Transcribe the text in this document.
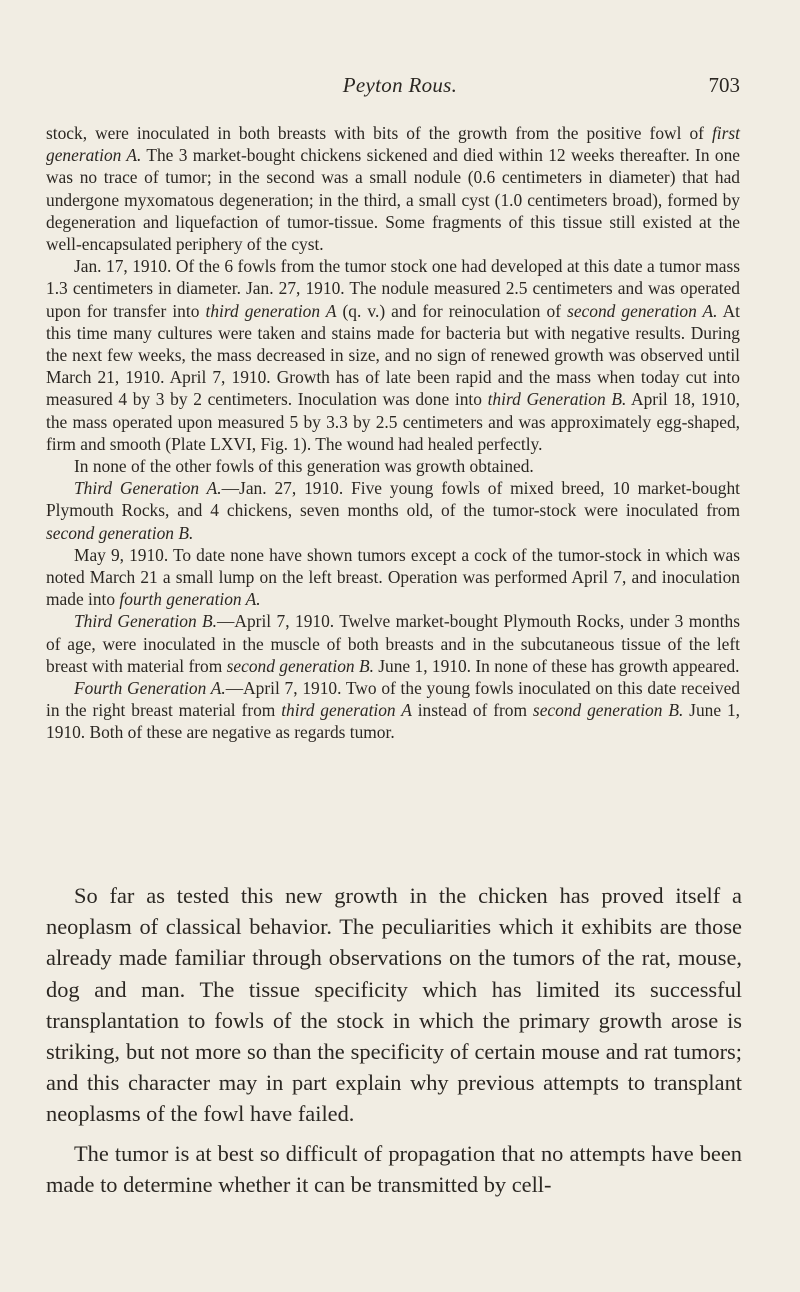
Peyton Rous.	703

stock, were inoculated in both breasts with bits of the growth from the positive fowl of first generation A. The 3 market-bought chickens sickened and died within 12 weeks thereafter. In one was no trace of tumor; in the second was a small nodule (0.6 centimeters in diameter) that had undergone myxomatous degeneration; in the third, a small cyst (1.0 centimeters broad), formed by degeneration and liquefaction of tumor-tissue. Some fragments of this tissue still existed at the well-encapsulated periphery of the cyst.

Jan. 17, 1910. Of the 6 fowls from the tumor stock one had developed at this date a tumor mass 1.3 centimeters in diameter. Jan. 27, 1910. The nodule measured 2.5 centimeters and was operated upon for transfer into third generation A (q. v.) and for reinoculation of second generation A. At this time many cultures were taken and stains made for bacteria but with negative results. During the next few weeks, the mass decreased in size, and no sign of renewed growth was observed until March 21, 1910. April 7, 1910. Growth has of late been rapid and the mass when today cut into measured 4 by 3 by 2 centimeters. Inoculation was done into third Generation B. April 18, 1910, the mass operated upon measured 5 by 3.3 by 2.5 centimeters and was approximately egg-shaped, firm and smooth (Plate LXVI, Fig. 1). The wound had healed perfectly.

In none of the other fowls of this generation was growth obtained.

Third Generation A.—Jan. 27, 1910. Five young fowls of mixed breed, 10 market-bought Plymouth Rocks, and 4 chickens, seven months old, of the tumor-stock were inoculated from second generation B.

May 9, 1910. To date none have shown tumors except a cock of the tumor-stock in which was noted March 21 a small lump on the left breast. Operation was performed April 7, and inoculation made into fourth generation A.

Third Generation B.—April 7, 1910. Twelve market-bought Plymouth Rocks, under 3 months of age, were inoculated in the muscle of both breasts and in the subcutaneous tissue of the left breast with material from second generation B. June 1, 1910. In none of these has growth appeared.

Fourth Generation A.—April 7, 1910. Two of the young fowls inoculated on this date received in the right breast material from third generation A instead of from second generation B. June 1, 1910. Both of these are negative as regards tumor.

So far as tested this new growth in the chicken has proved itself a neoplasm of classical behavior. The peculiarities which it exhibits are those already made familiar through observations on the tumors of the rat, mouse, dog and man. The tissue specificity which has limited its successful transplantation to fowls of the stock in which the primary growth arose is striking, but not more so than the specificity of certain mouse and rat tumors; and this character may in part explain why previous attempts to transplant neoplasms of the fowl have failed.

The tumor is at best so difficult of propagation that no attempts have been made to determine whether it can be transmitted by cell-
